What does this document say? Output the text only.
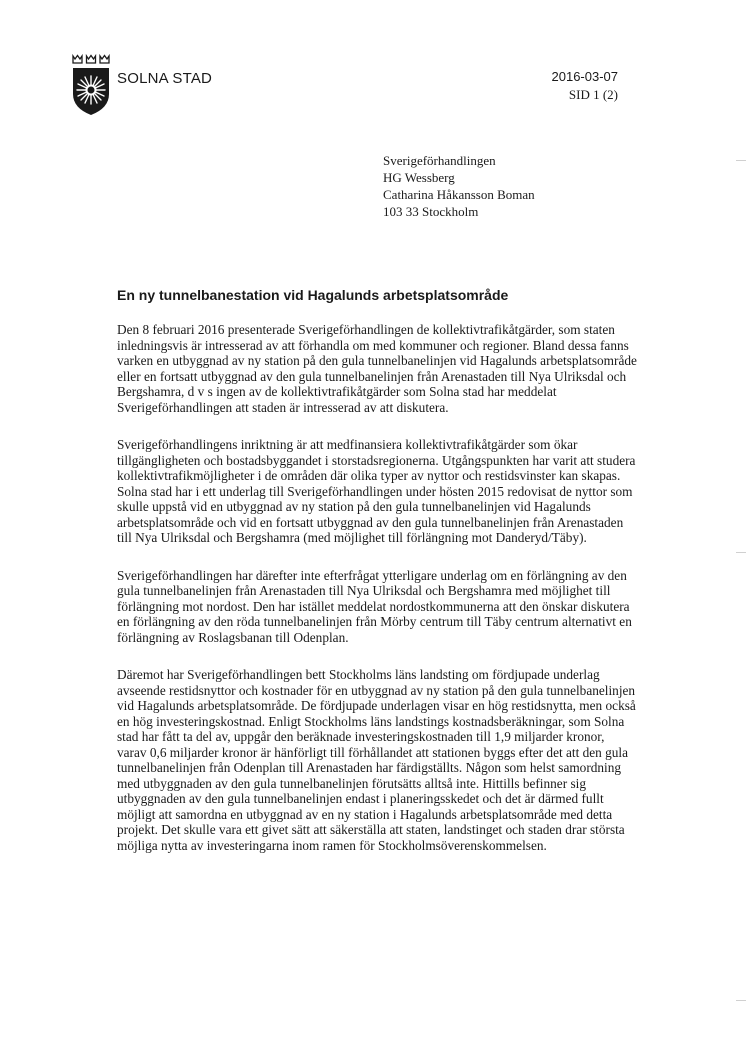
SOLNA STAD	2016-03-07
SID 1 (2)
Sverigeförhandlingen
HG Wessberg
Catharina Håkansson Boman
103 33 Stockholm
En ny tunnelbanestation vid Hagalunds arbetsplatsområde

Den 8 februari 2016 presenterade Sverigeförhandlingen de kollektivtrafikåtgärder, som staten inledningsvis är intresserad av att förhandla om med kommuner och regioner. Bland dessa fanns varken en utbyggnad av ny station på den gula tunnelbanelinjen vid Hagalunds arbetsplatsområde eller en fortsatt utbyggnad av den gula tunnelbanelinjen från Arenastaden till Nya Ulriksdal och Bergshamra, d v s ingen av de kollektivtrafikåtgärder som Solna stad har meddelat Sverigeförhandlingen att staden är intresserad av att diskutera.

Sverigeförhandlingens inriktning är att medfinansiera kollektivtrafikåtgärder som ökar tillgängligheten och bostadsbyggandet i storstadsregionerna. Utgångspunkten har varit att studera kollektivtrafikmöjligheter i de områden där olika typer av nyttor och restidsvinster kan skapas. Solna stad har i ett underlag till Sverigeförhandlingen under hösten 2015 redovisat de nyttor som skulle uppstå vid en utbyggnad av ny station på den gula tunnelbanelinjen vid Hagalunds arbetsplatsområde och vid en fortsatt utbyggnad av den gula tunnelbanelinjen från Arenastaden till Nya Ulriksdal och Bergshamra (med möjlighet till förlängning mot Danderyd/Täby).

Sverigeförhandlingen har därefter inte efterfrågat ytterligare underlag om en förlängning av den gula tunnelbanelinjen från Arenastaden till Nya Ulriksdal och Bergshamra med möjlighet till förlängning mot nordost. Den har istället meddelat nordostkommunerna att den önskar diskutera en förlängning av den röda tunnelbanelinjen från Mörby centrum till Täby centrum alternativt en förlängning av Roslagsbanan till Odenplan.

Däremot har Sverigeförhandlingen bett Stockholms läns landsting om fördjupade underlag avseende restidsnyttor och kostnader för en utbyggnad av ny station på den gula tunnelbanelinjen vid Hagalunds arbetsplatsområde. De fördjupade underlagen visar en hög restidsnytta, men också en hög investeringskostnad. Enligt Stockholms läns landstings kostnadsberäkningar, som Solna stad har fått ta del av, uppgår den beräknade investeringskostnaden till 1,9 miljarder kronor, varav 0,6 miljarder kronor är hänförligt till förhållandet att stationen byggs efter det att den gula tunnelbanelinjen från Odenplan till Arenastaden har färdigställts. Någon som helst samordning med utbyggnaden av den gula tunnelbanelinjen förutsätts alltså inte. Hittills befinner sig utbyggnaden av den gula tunnelbanelinjen endast i planeringsskedet och det är därmed fullt möjligt att samordna en utbyggnad av en ny station i Hagalunds arbetsplatsområde med detta projekt. Det skulle vara ett givet sätt att säkerställa att staten, landstinget och staden drar största möjliga nytta av investeringarna inom ramen för Stockholmsöverenskommelsen.
